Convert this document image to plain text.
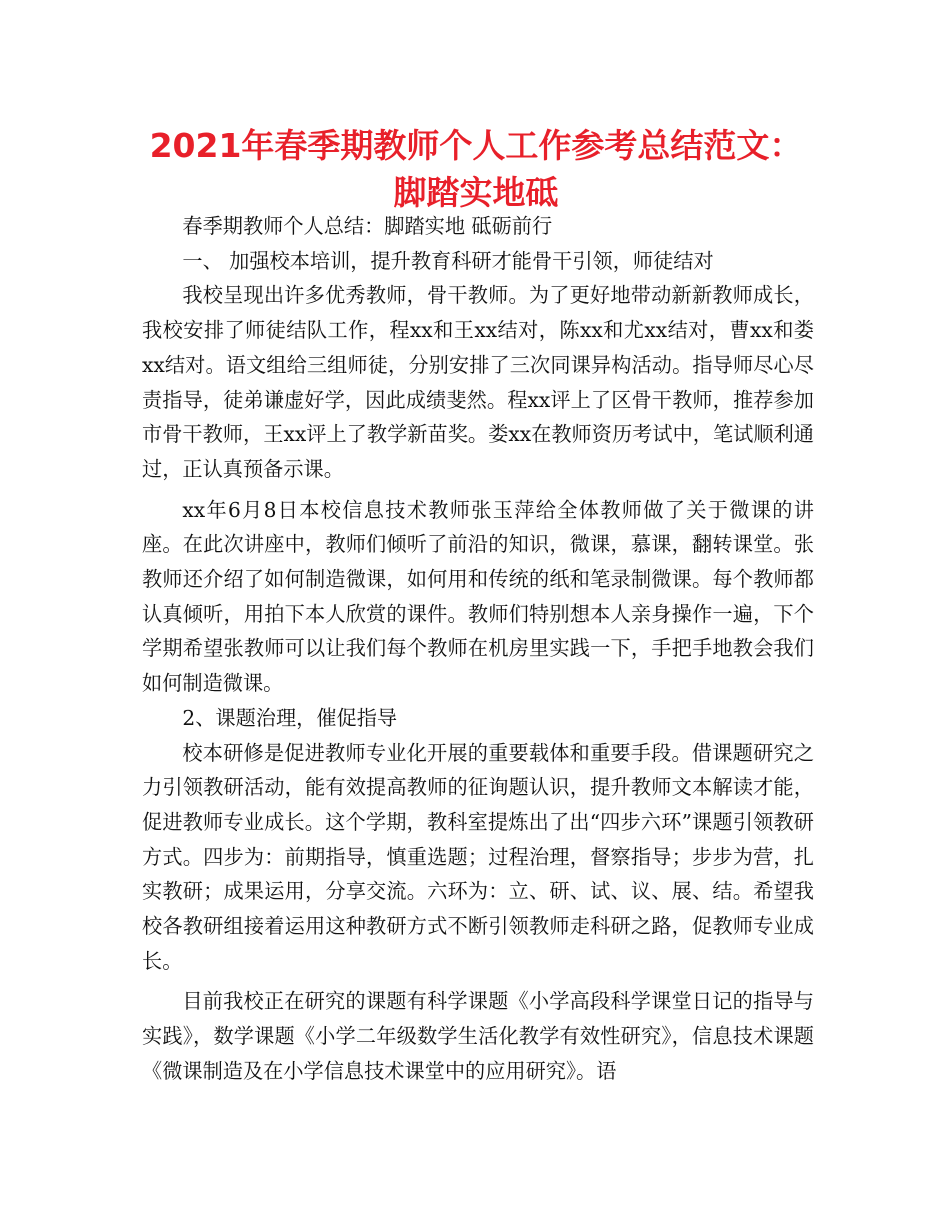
2021年春季期教师个人工作参考总结范文：脚踏实地砥

春季期教师个人总结：脚踏实地 砥砺前行

一、 加强校本培训，提升教育科研才能骨干引领，师徒结对

我校呈现出许多优秀教师，骨干教师。为了更好地带动新新教师成长，我校安排了师徒结队工作，程xx和王xx结对，陈xx和尤xx结对，曹xx和娄xx结对。语文组给三组师徒，分别安排了三次同课异构活动。指导师尽心尽责指导，徒弟谦虚好学，因此成绩斐然。程xx评上了区骨干教师，推荐参加市骨干教师，王xx评上了教学新苗奖。娄xx在教师资历考试中，笔试顺利通过，正认真预备示课。

xx年6月8日本校信息技术教师张玉萍给全体教师做了关于微课的讲座。在此次讲座中，教师们倾听了前沿的知识，微课，慕课，翻转课堂。张教师还介绍了如何制造微课，如何用和传统的纸和笔录制微课。每个教师都认真倾听，用拍下本人欣赏的课件。教师们特别想本人亲身操作一遍，下个学期希望张教师可以让我们每个教师在机房里实践一下，手把手地教会我们如何制造微课。

2、课题治理，催促指导

校本研修是促进教师专业化开展的重要载体和重要手段。借课题研究之力引领教研活动，能有效提高教师的征询题认识，提升教师文本解读才能，促进教师专业成长。这个学期，教科室提炼出了出“四步六环”课题引领教研方式。四步为：前期指导，慎重选题；过程治理，督察指导；步步为营，扎实教研；成果运用，分享交流。六环为：立、研、试、议、展、结。希望我校各教研组接着运用这种教研方式不断引领教师走科研之路，促教师专业成长。

目前我校正在研究的课题有科学课题《小学高段科学课堂日记的指导与实践》，数学课题《小学二年级数学生活化教学有效性研究》，信息技术课题《微课制造及在小学信息技术课堂中的应用研究》。语
